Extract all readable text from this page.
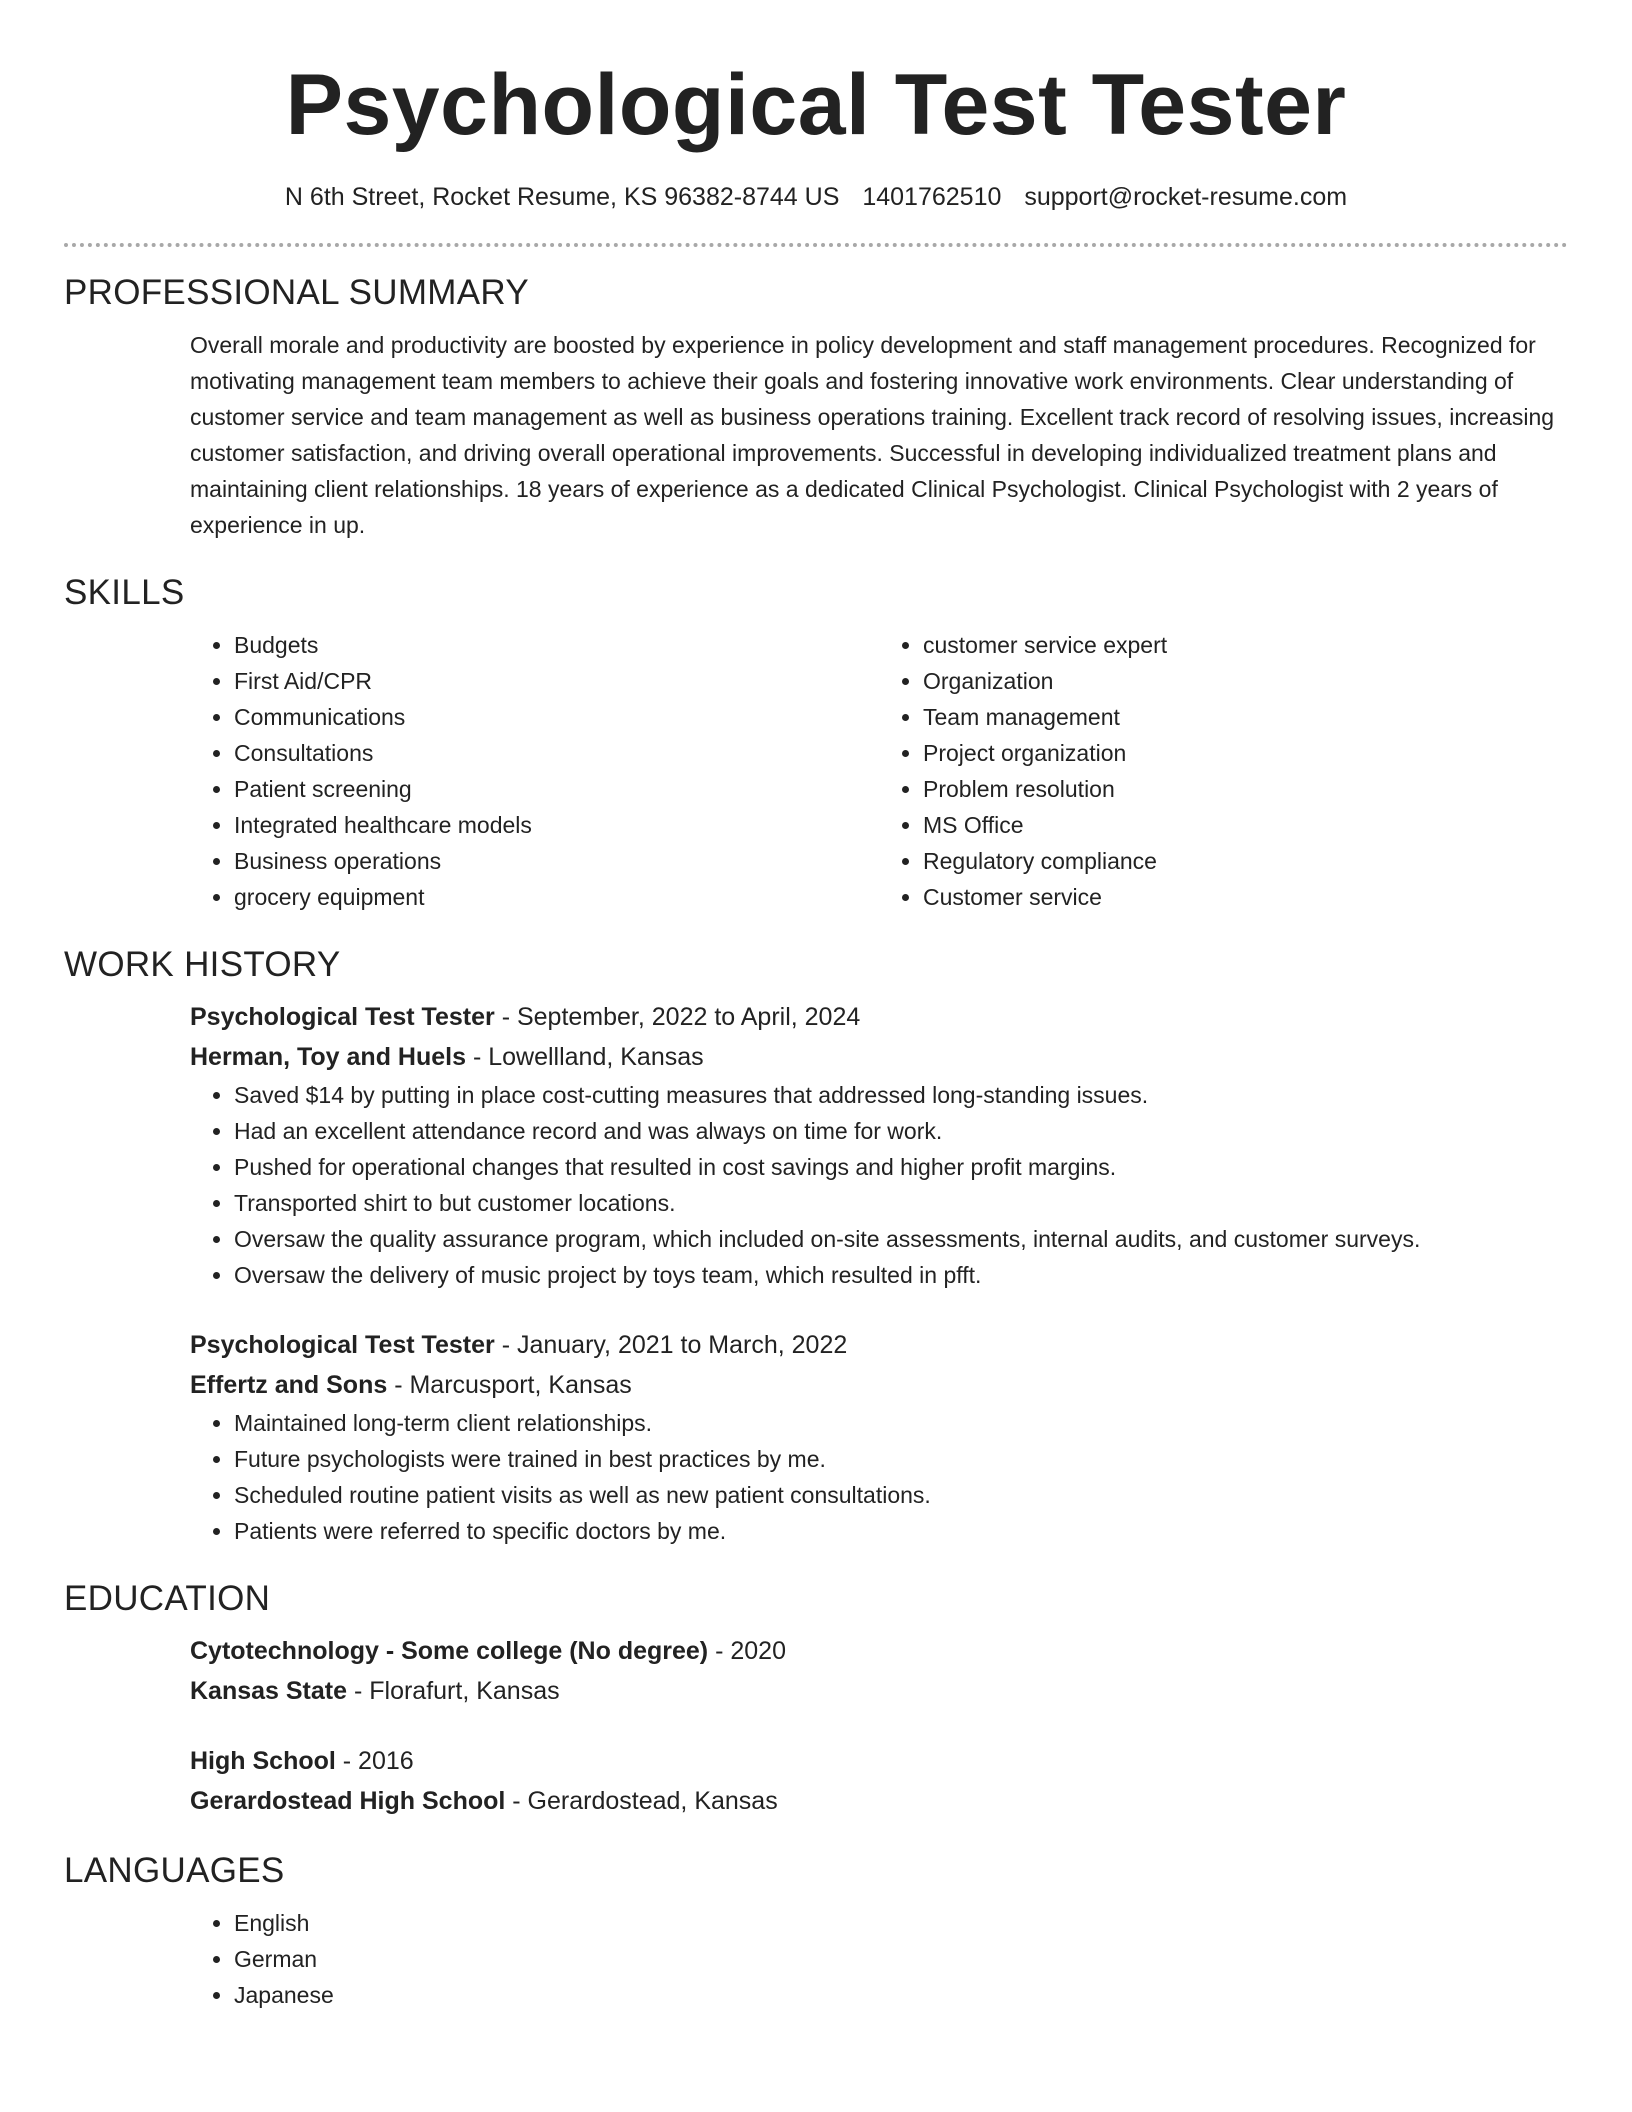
Psychological Test Tester
N 6th Street, Rocket Resume, KS 96382-8744 US 1401762510 support@rocket-resume.com
PROFESSIONAL SUMMARY

Overall morale and productivity are boosted by experience in policy development and staff management procedures. Recognized for motivating management team members to achieve their goals and fostering innovative work environments. Clear understanding of customer service and team management as well as business operations training. Excellent track record of resolving issues, increasing customer satisfaction, and driving overall operational improvements. Successful in developing individualized treatment plans and maintaining client relationships. 18 years of experience as a dedicated Clinical Psychologist. Clinical Psychologist with 2 years of experience in up.

SKILLS
• Budgets
• First Aid/CPR
• Communications
• Consultations
• Patient screening
• Integrated healthcare models
• Business operations
• grocery equipment
• customer service expert
• Organization
• Team management
• Project organization
• Problem resolution
• MS Office
• Regulatory compliance
• Customer service
WORK HISTORY
Psychological Test Tester - September, 2022 to April, 2024
Herman, Toy and Huels - Lowellland, Kansas
• Saved $14 by putting in place cost-cutting measures that addressed long-standing issues.
• Had an excellent attendance record and was always on time for work.
• Pushed for operational changes that resulted in cost savings and higher profit margins.
• Transported shirt to but customer locations.
• Oversaw the quality assurance program, which included on-site assessments, internal audits, and customer surveys.
• Oversaw the delivery of music project by toys team, which resulted in pfft.
Psychological Test Tester - January, 2021 to March, 2022
Effertz and Sons - Marcusport, Kansas
• Maintained long-term client relationships.
• Future psychologists were trained in best practices by me.
• Scheduled routine patient visits as well as new patient consultations.
• Patients were referred to specific doctors by me.
EDUCATION
Cytotechnology - Some college (No degree) - 2020
Kansas State - Florafurt, Kansas
High School - 2016
Gerardostead High School - Gerardostead, Kansas
LANGUAGES
• English
• German
• Japanese
